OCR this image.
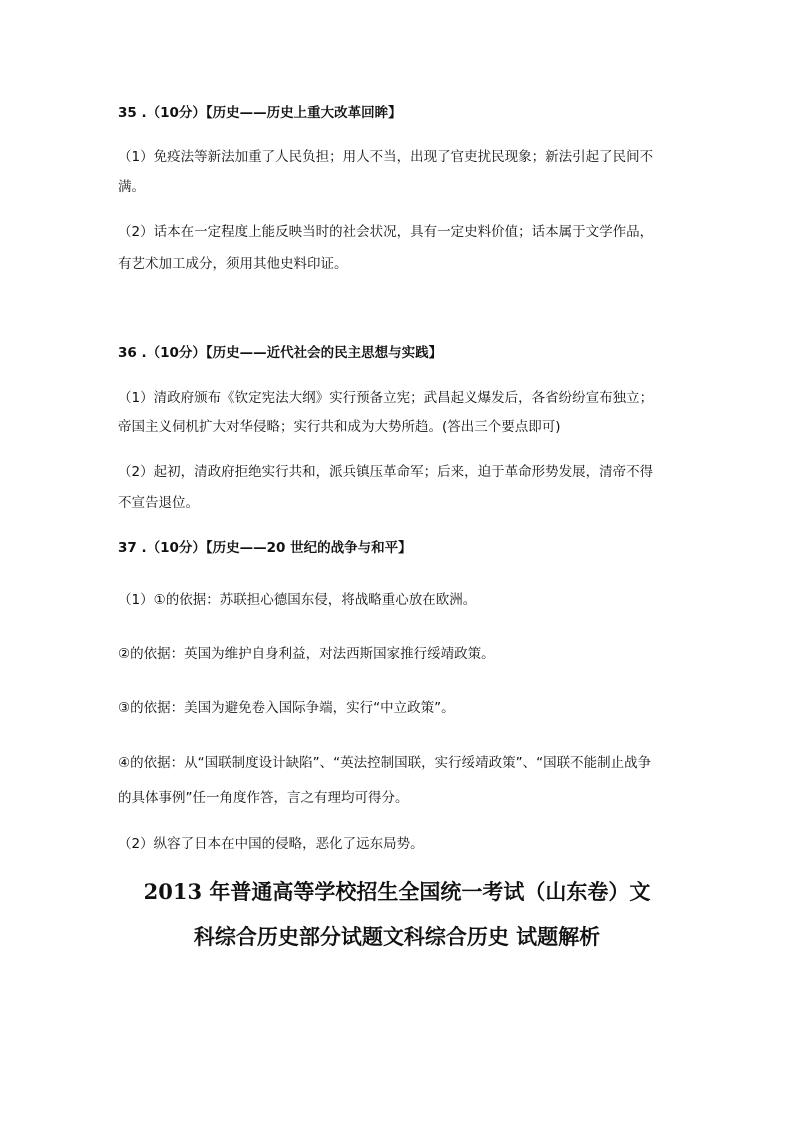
35 .（10分）【历史——历史上重大改革回眸】
（1）免疫法等新法加重了人民负担；用人不当，出现了官吏扰民现象；新法引起了民间不
满。
（2）话本在一定程度上能反映当时的社会状况，具有一定史料价值；话本属于文学作品，
有艺术加工成分，须用其他史料印证。
36 .（10分）【历史——近代社会的民主思想与实践】
（1）清政府颁布《钦定宪法大纲》实行预备立宪；武昌起义爆发后，各省纷纷宣布独立；
帝国主义伺机扩大对华侵略；实行共和成为大势所趋。(答出三个要点即可)
（2）起初，清政府拒绝实行共和，派兵镇压革命军；后来，迫于革命形势发展，清帝不得
不宣告退位。
37 .（10分）【历史——20 世纪的战争与和平】
（1）①的依据：苏联担心德国东侵，将战略重心放在欧洲。
②的依据：英国为维护自身利益，对法西斯国家推行绥靖政策。
③的依据：美国为避免卷入国际争端，实行“中立政策”。
④的依据：从“国联制度设计缺陷”、“英法控制国联，实行绥靖政策”、“国联不能制止战争
的具体事例”任一角度作答，言之有理均可得分。
（2）纵容了日本在中国的侵略，恶化了远东局势。
2013 年普通高等学校招生全国统一考试（山东卷）文
科综合历史部分试题文科综合历史 试题解析
